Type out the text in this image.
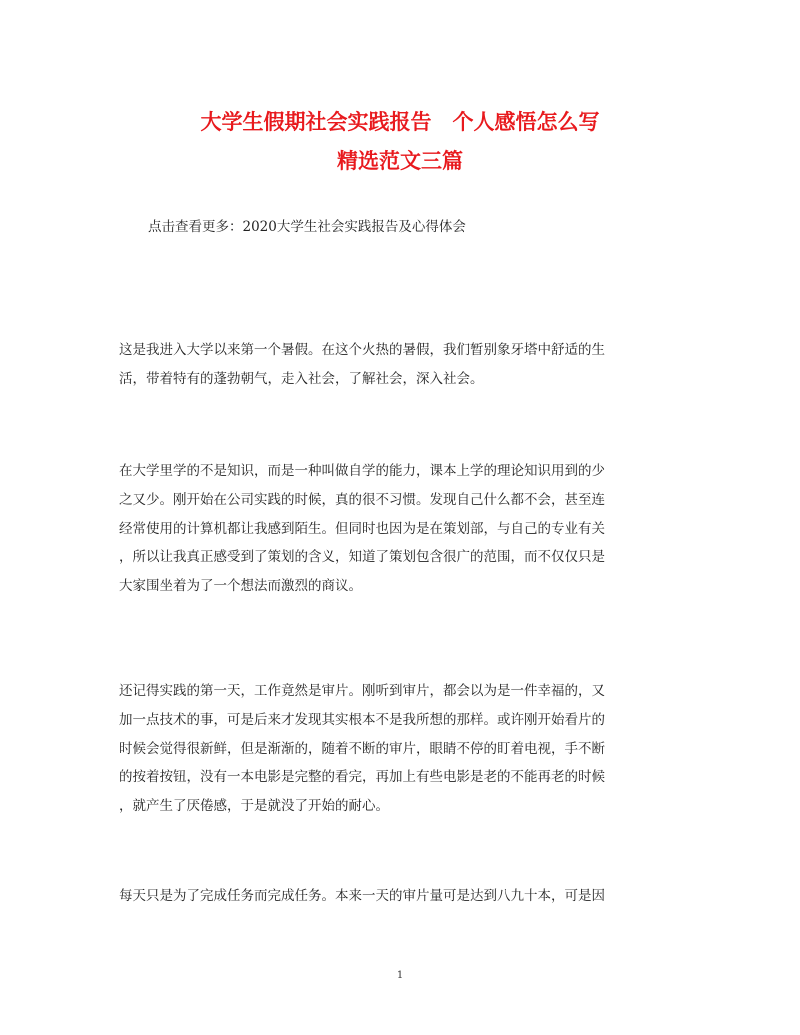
大学生假期社会实践报告　个人感悟怎么写
精选范文三篇
点击查看更多：2020大学生社会实践报告及心得体会
这是我进入大学以来第一个暑假。在这个火热的暑假，我们暂别象牙塔中舒适的生
活，带着特有的蓬勃朝气，走入社会，了解社会，深入社会。
在大学里学的不是知识，而是一种叫做自学的能力，课本上学的理论知识用到的少
之又少。刚开始在公司实践的时候，真的很不习惯。发现自己什么都不会，甚至连
经常使用的计算机都让我感到陌生。但同时也因为是在策划部，与自己的专业有关
，所以让我真正感受到了策划的含义，知道了策划包含很广的范围，而不仅仅只是
大家围坐着为了一个想法而激烈的商议。
还记得实践的第一天，工作竟然是审片。刚听到审片，都会以为是一件幸福的，又
加一点技术的事，可是后来才发现其实根本不是我所想的那样。或许刚开始看片的
时候会觉得很新鲜，但是渐渐的，随着不断的审片，眼睛不停的盯着电视，手不断
的按着按钮，没有一本电影是完整的看完，再加上有些电影是老的不能再老的时候
，就产生了厌倦感，于是就没了开始的耐心。
每天只是为了完成任务而完成任务。本来一天的审片量可是达到八九十本，可是因
1
